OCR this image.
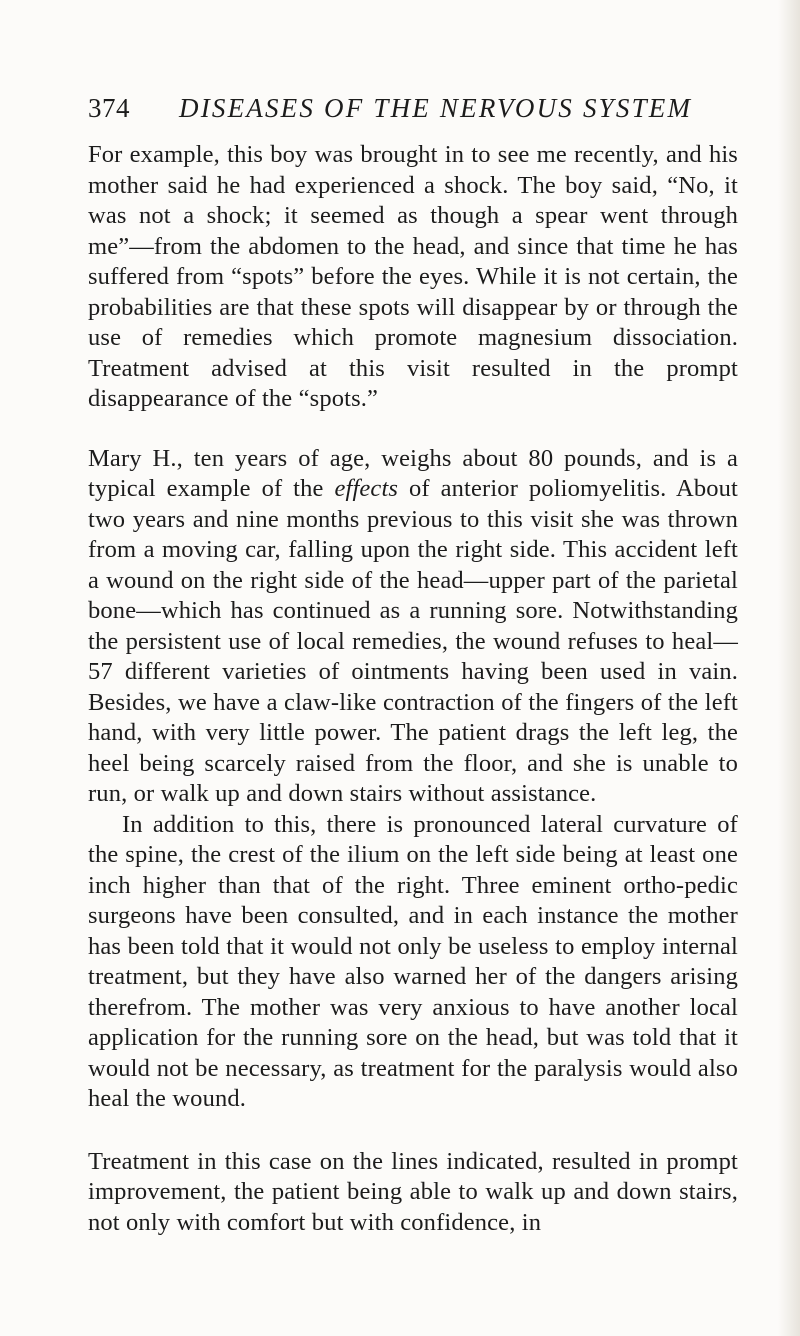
374 DISEASES OF THE NERVOUS SYSTEM

For example, this boy was brought in to see me recently, and his mother said he had experienced a shock. The boy said, “No, it was not a shock; it seemed as though a spear went through me”—from the abdomen to the head, and since that time he has suffered from “spots” before the eyes. While it is not certain, the probabilities are that these spots will disappear by or through the use of remedies which promote magnesium dissociation. Treatment advised at this visit resulted in the prompt disappearance of the “spots.”

Mary H., ten years of age, weighs about 80 pounds, and is a typical example of the effects of anterior poliomyelitis. About two years and nine months previous to this visit she was thrown from a moving car, falling upon the right side. This accident left a wound on the right side of the head—upper part of the parietal bone—which has continued as a running sore. Notwithstanding the persistent use of local remedies, the wound refuses to heal—57 different varieties of ointments having been used in vain. Besides, we have a claw-like contraction of the fingers of the left hand, with very little power. The patient drags the left leg, the heel being scarcely raised from the floor, and she is unable to run, or walk up and down stairs without assistance.

In addition to this, there is pronounced lateral curvature of the spine, the crest of the ilium on the left side being at least one inch higher than that of the right. Three eminent ortho-pedic surgeons have been consulted, and in each instance the mother has been told that it would not only be useless to employ internal treatment, but they have also warned her of the dangers arising therefrom. The mother was very anxious to have another local application for the running sore on the head, but was told that it would not be necessary, as treatment for the paralysis would also heal the wound.

Treatment in this case on the lines indicated, resulted in prompt improvement, the patient being able to walk up and down stairs, not only with comfort but with confidence, in
